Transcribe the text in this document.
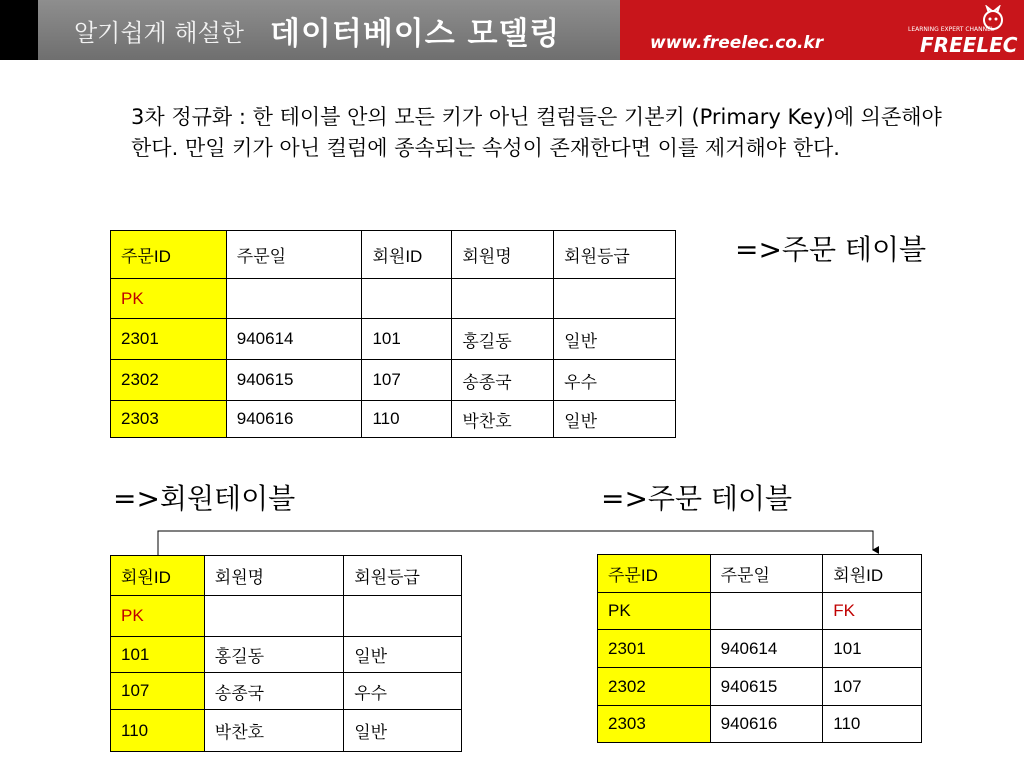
알기쉽게 해설한 데이터베이스 모델링	www.freelec.co.kr
LEARNING EXPERT CHANNEL
FREELEC
3차 정규화 : 한 테이블 안의 모든 키가 아닌 컬럼들은 기본키 (Primary Key)에 의존해야 한다. 만일 키가 아닌 컬럼에 종속되는 속성이 존재한다면 이를 제거해야 한다.
주문ID	주문일	회원ID	회원명	회원등급
PK				
2301	940614	101	홍길동	일반
2302	940615	107	송종국	우수
2303	940616	110	박찬호	일반
=>주문 테이블
=>회원테이블	=>주문 테이블
회원ID	회원명	회원등급
PK		
101	홍길동	일반
107	송종국	우수
110	박찬호	일반
주문ID	주문일	회원ID
PK		FK
2301	940614	101
2302	940615	107
2303	940616	110
